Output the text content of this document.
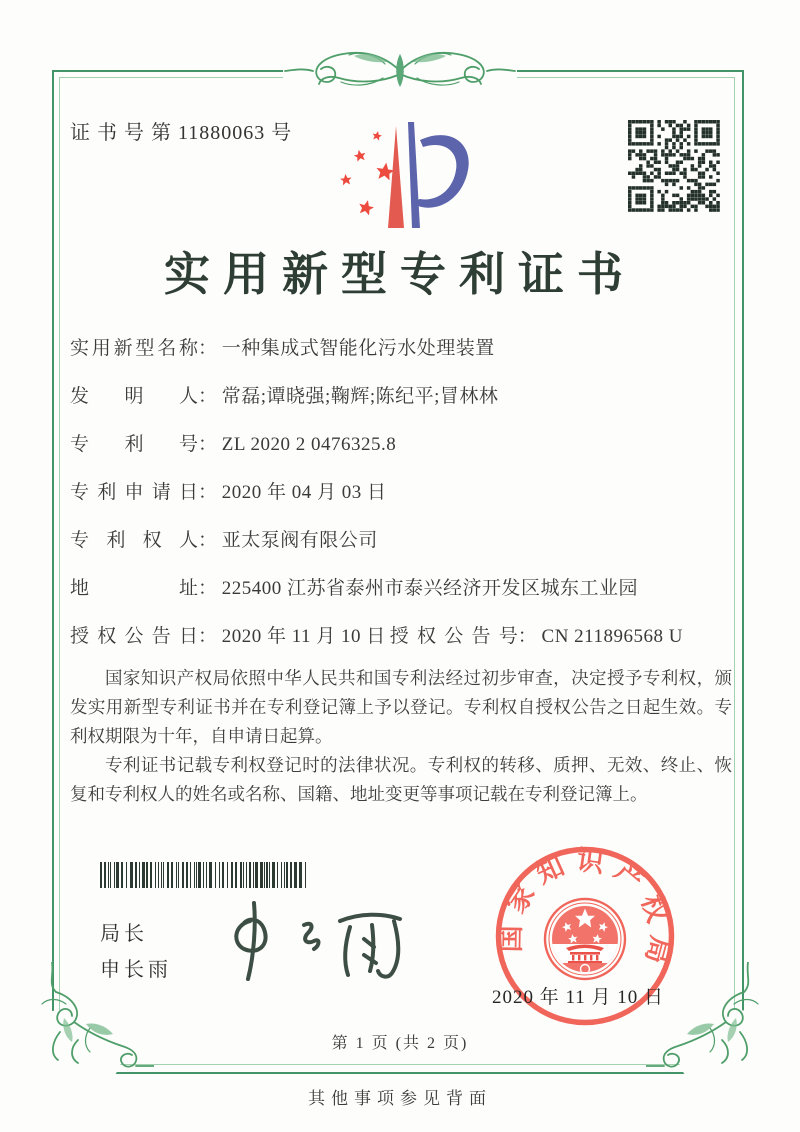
证 书 号 第 11880063 号
实用新型专利证书
实用新型名称： 一种集成式智能化污水处理装置
发明人： 常磊;谭晓强;鞠辉;陈纪平;冒林林
专利号： ZL 2020 2 0476325.8
专利申请日： 2020 年 04 月 03 日
专利权人： 亚太泵阀有限公司
地址： 225400 江苏省泰州市泰兴经济开发区城东工业园
授权公告日： 2020 年 11 月 10 日 授权公告号： CN 211896568 U

国家知识产权局依照中华人民共和国专利法经过初步审查，决定授予专利权，颁发实用新型专利证书并在专利登记簿上予以登记。专利权自授权公告之日起生效。专利权期限为十年，自申请日起算。

专利证书记载专利权登记时的法律状况。专利权的转移、质押、无效、终止、恢复和专利权人的姓名或名称、国籍、地址变更等事项记载在专利登记簿上。

局长
申长雨
国家知识产权局
2020 年 11 月 10 日
第 1 页 (共 2 页)
其他事项参见背面
